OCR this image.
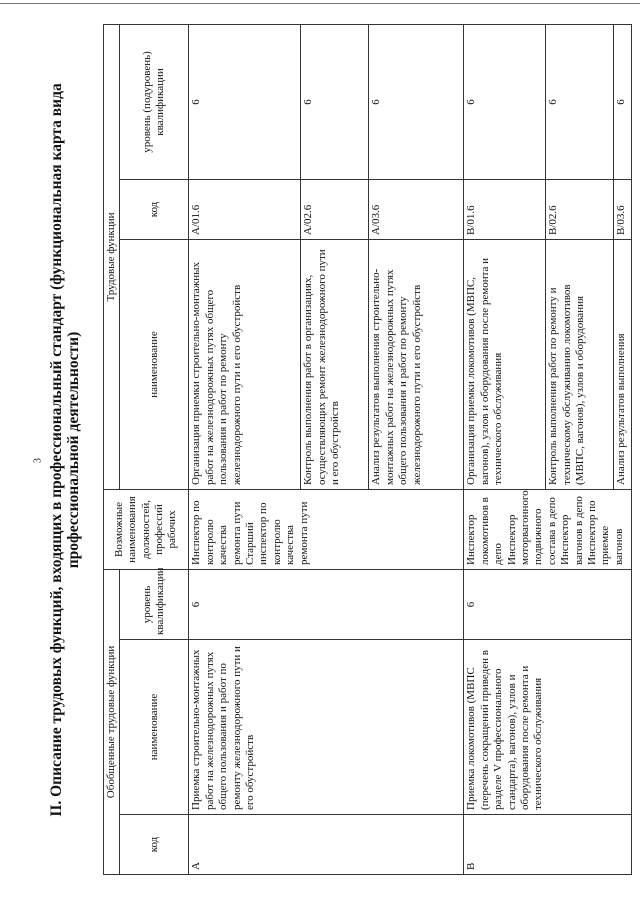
3 II. Описание трудовых функций, входящих в профессиональный стандарт (функциональная карта вида профессиональной деятельности)
Обобщенные трудовые функции			Возможные наименования должностей, профессий рабочих	Трудовые функции		
код	наименование	уровень квалификации		наименование	код	уровень (подуровень) квалификации
A	Приемка строительно-монтажных работ на железнодорожных путях общего пользования и работ по ремонту железнодорожного пути и его обустройств	6	Инспектор по контролю качества ремонта пути Старший инспектор по контролю качества ремонта пути	Организация приемки строительно-монтажных работ на железнодорожных путях общего пользования и работ по ремонту железнодорожного пути и его обустройств	A/01.6	6
				Контроль выполнения работ в организациях, осуществляющих ремонт железнодорожного пути и его обустройств	A/02.6	6
				Анализ результатов выполнения строительно-монтажных работ на железнодорожных путях общего пользования и работ по ремонту железнодорожного пути и его обустройств	A/03.6	6
B	Приемка локомотивов (МВПС (перечень сокращений приведен в разделе V профессионального стандарта), вагонов), узлов и оборудования после ремонта и технического обслуживания	6	Инспектор локомотивов в депо Инспектор моторвагонного подвижного состава в депо Инспектор вагонов в депо Инспектор по приемке вагонов	Организация приемки локомотивов (МВПС, вагонов), узлов и оборудования после ремонта и технического обслуживания	B/01.6	6
				Контроль выполнения работ по ремонту и техническому обслуживанию локомотивов (МВПС, вагонов), узлов и оборудования	B/02.6	6
				Анализ результатов выполнения	B/03.6	6
